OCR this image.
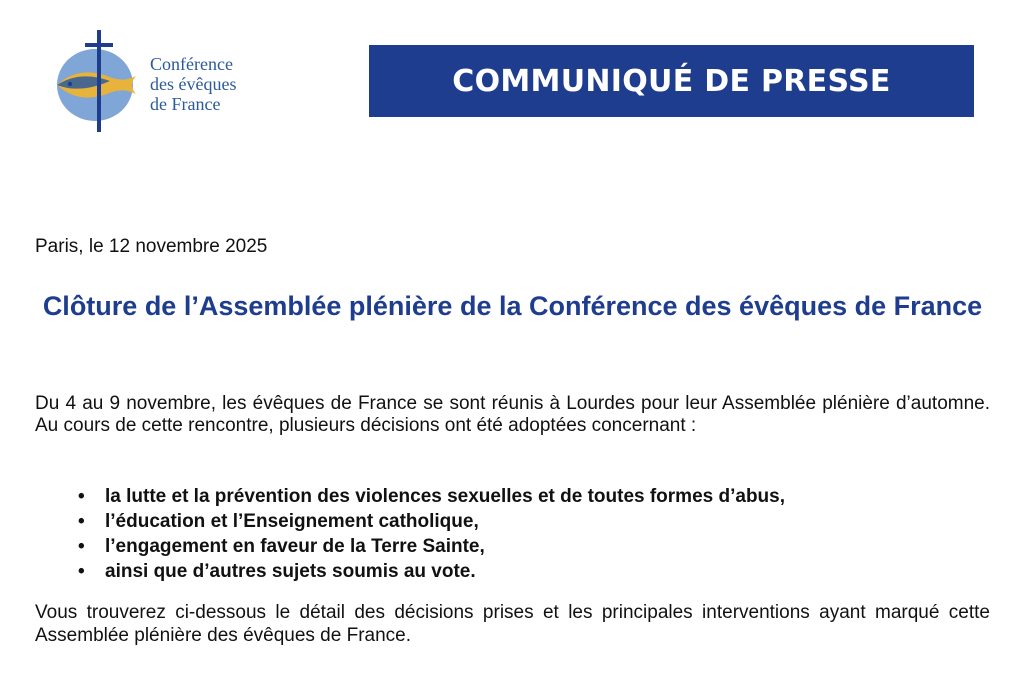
Conférence
des évêques
de France
COMMUNIQUÉ DE PRESSE
Paris, le 12 novembre 2025
Clôture de l’Assemblée plénière de la Conférence des évêques de France
Du 4 au 9 novembre, les évêques de France se sont réunis à Lourdes pour leur Assemblée plénière d’automne. Au cours de cette rencontre, plusieurs décisions ont été adoptées concernant :
• la lutte et la prévention des violences sexuelles et de toutes formes d’abus,
• l’éducation et l’Enseignement catholique,
• l’engagement en faveur de la Terre Sainte,
• ainsi que d’autres sujets soumis au vote.
Vous trouverez ci-dessous le détail des décisions prises et les principales interventions ayant marqué cette Assemblée plénière des évêques de France.
